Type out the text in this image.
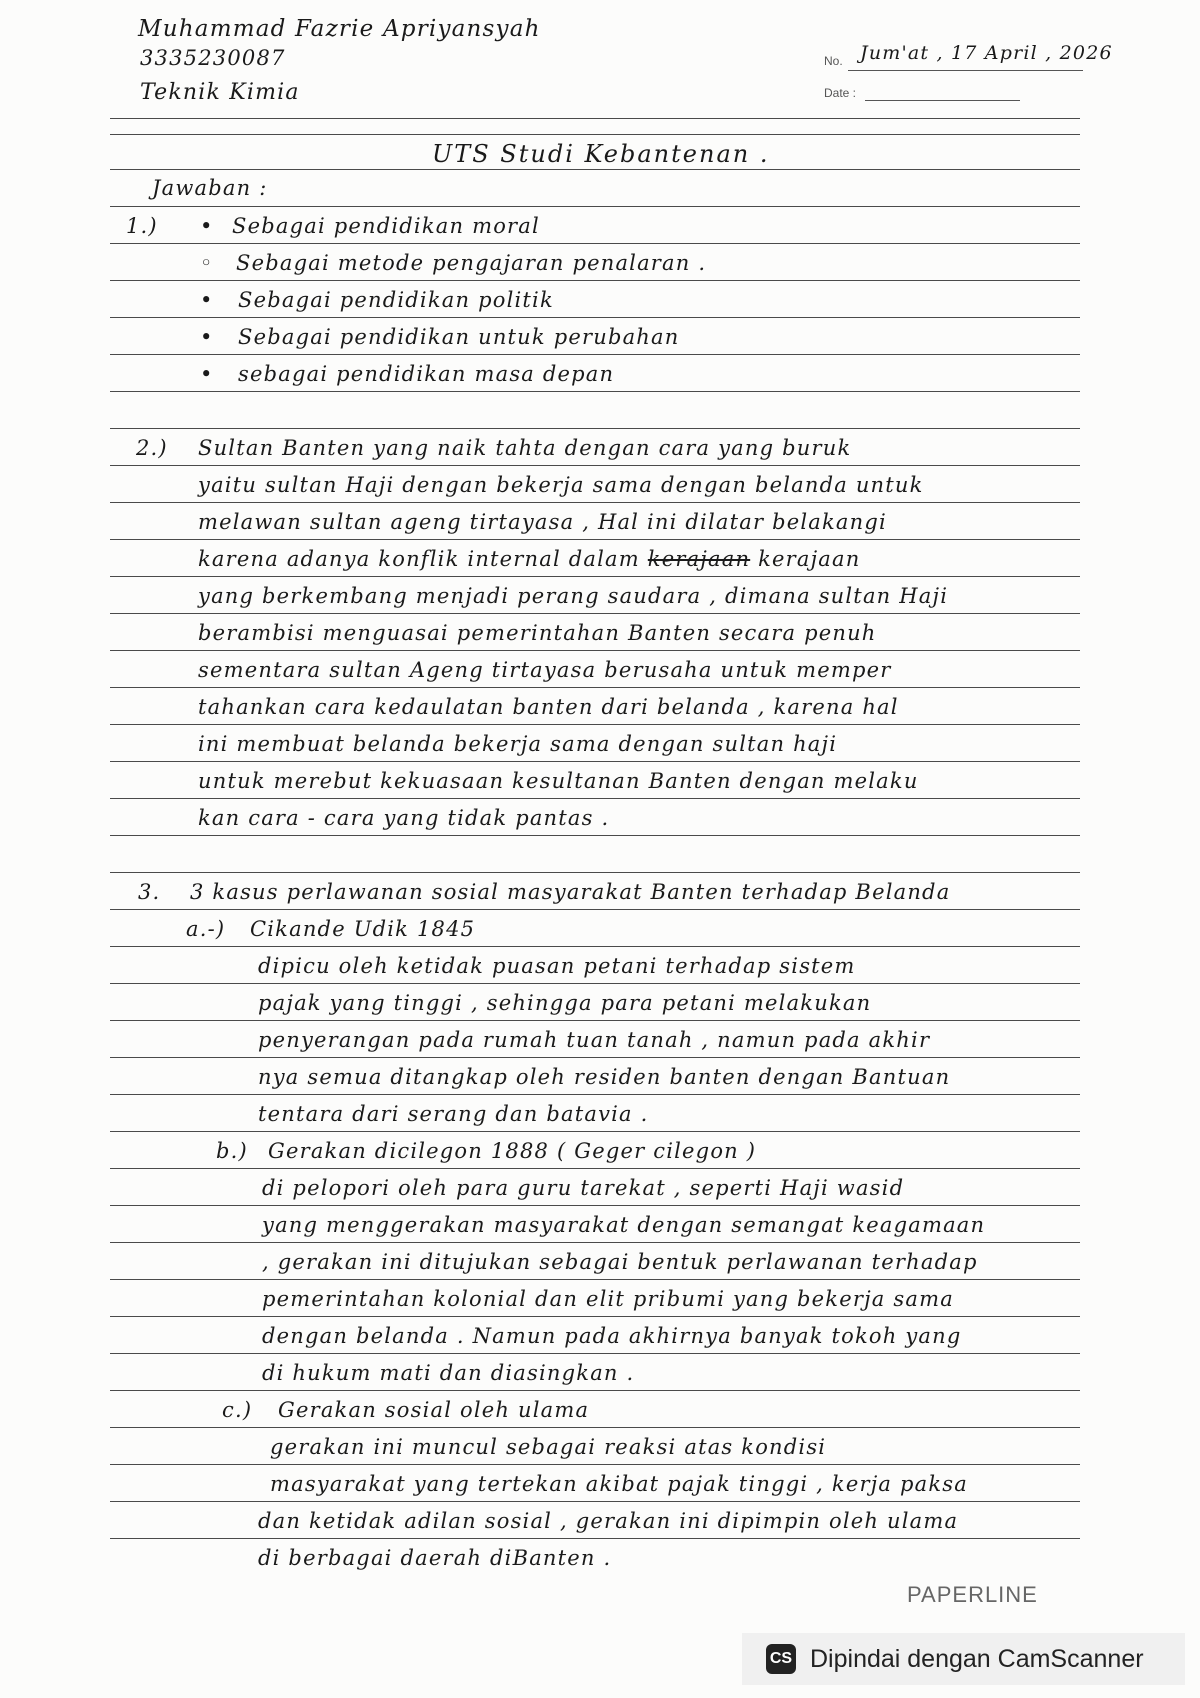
Muhammad Fazrie Apriyansyah
3335230087
Teknik Kimia
No. Jum'at , 17 April , 2026
Date :
UTS Studi Kebantenan .
Jawaban :
1.) • Sebagai pendidikan moral
◦ Sebagai metode pengajaran penalaran .
• Sebagai pendidikan politik
• Sebagai pendidikan untuk perubahan
• sebagai pendidikan masa depan
2.) Sultan Banten yang naik tahta dengan cara yang buruk
yaitu sultan Haji dengan bekerja sama dengan belanda untuk
melawan sultan ageng tirtayasa , Hal ini dilatar belakangi
karena adanya konflik internal dalam kerajaan kerajaan
yang berkembang menjadi perang saudara , dimana sultan Haji
berambisi menguasai pemerintahan Banten secara penuh
sementara sultan Ageng tirtayasa berusaha untuk memper
tahankan cara kedaulatan banten dari belanda , karena hal
ini membuat belanda bekerja sama dengan sultan haji
untuk merebut kekuasaan kesultanan Banten dengan melaku
kan cara - cara yang tidak pantas .
3. 3 kasus perlawanan sosial masyarakat Banten terhadap Belanda
a.-) Cikande Udik 1845
dipicu oleh ketidak puasan petani terhadap sistem
pajak yang tinggi , sehingga para petani melakukan
penyerangan pada rumah tuan tanah , namun pada akhir
nya semua ditangkap oleh residen banten dengan Bantuan
tentara dari serang dan batavia .
b.) Gerakan dicilegon 1888 ( Geger cilegon )
di pelopori oleh para guru tarekat , seperti Haji wasid
yang menggerakan masyarakat dengan semangat keagamaan
, gerakan ini ditujukan sebagai bentuk perlawanan terhadap
pemerintahan kolonial dan elit pribumi yang bekerja sama
dengan belanda . Namun pada akhirnya banyak tokoh yang
di hukum mati dan diasingkan .
c.) Gerakan sosial oleh ulama
gerakan ini muncul sebagai reaksi atas kondisi
masyarakat yang tertekan akibat pajak tinggi , kerja paksa
dan ketidak adilan sosial , gerakan ini dipimpin oleh ulama
di berbagai daerah diBanten .
PAPERLINE
CS Dipindai dengan CamScanner
